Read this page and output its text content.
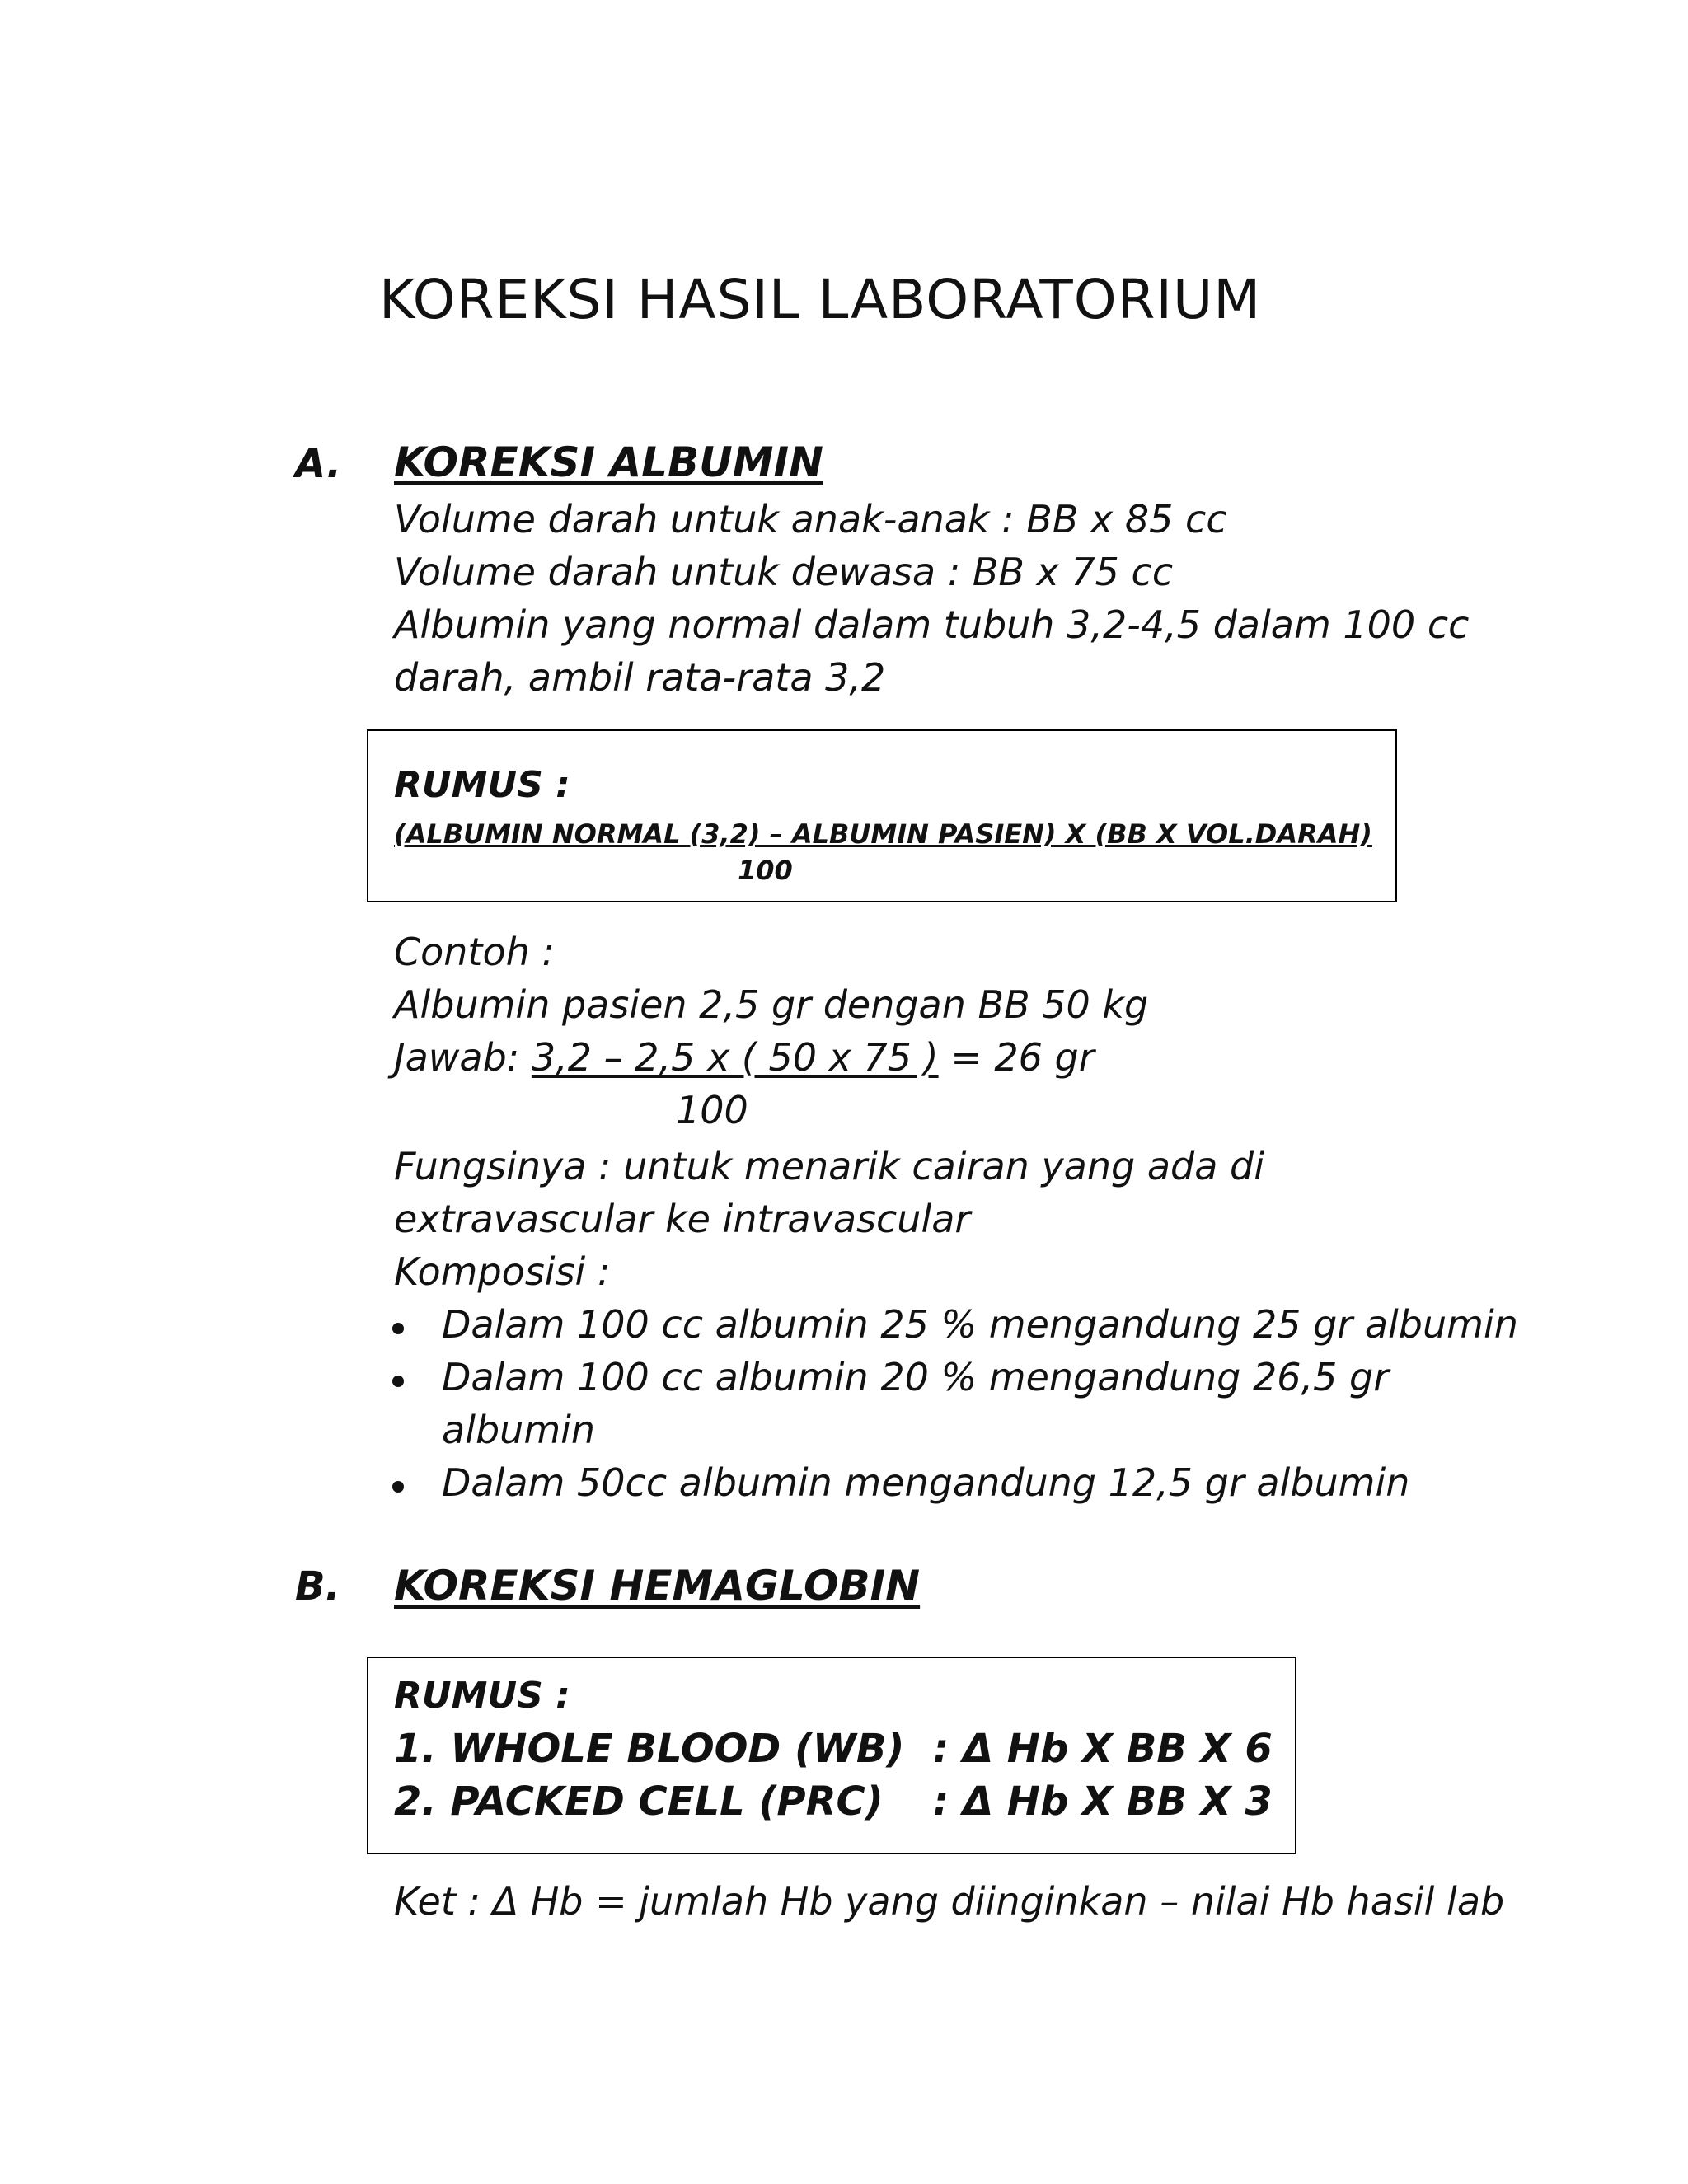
KOREKSI HASIL LABORATORIUM
A. KOREKSI ALBUMIN
Volume darah untuk anak-anak : BB x 85 cc
Volume darah untuk dewasa : BB x 75 cc
Albumin yang normal dalam tubuh 3,2-4,5 dalam 100 cc
darah, ambil rata-rata 3,2
RUMUS :
(ALBUMIN NORMAL (3,2) – ALBUMIN PASIEN) X (BB X VOL.DARAH)
100
Contoh :
Albumin pasien 2,5 gr dengan BB 50 kg
Jawab: 3,2 – 2,5 x ( 50 x 75 ) = 26 gr
100
Fungsinya : untuk menarik cairan yang ada di
extravascular ke intravascular
Komposisi :
Dalam 100 cc albumin 25 % mengandung 25 gr albumin
Dalam 100 cc albumin 20 % mengandung 26,5 gr
albumin
Dalam 50cc albumin mengandung 12,5 gr albumin
B. KOREKSI HEMAGLOBIN
RUMUS :
1. WHOLE BLOOD (WB) : Δ Hb X BB X 6
2. PACKED CELL (PRC) : Δ Hb X BB X 3
Ket : Δ Hb = jumlah Hb yang diinginkan – nilai Hb hasil lab
